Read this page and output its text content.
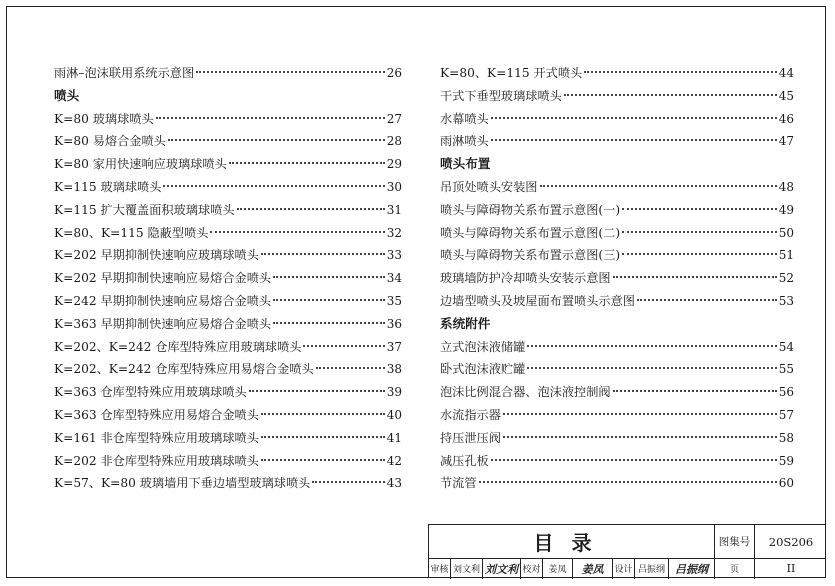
雨淋–泡沫联用系统示意图	26
喷头
K=80 玻璃球喷头	27
K=80 易熔合金喷头	28
K=80 家用快速响应玻璃球喷头	29
K=115 玻璃球喷头	30
K=115 扩大覆盖面积玻璃球喷头	31
K=80、K=115 隐蔽型喷头	32
K=202 早期抑制快速响应玻璃球喷头	33
K=202 早期抑制快速响应易熔合金喷头	34
K=242 早期抑制快速响应易熔合金喷头	35
K=363 早期抑制快速响应易熔合金喷头	36
K=202、K=242 仓库型特殊应用玻璃球喷头	37
K=202、K=242 仓库型特殊应用易熔合金喷头	38
K=363 仓库型特殊应用玻璃球喷头	39
K=363 仓库型特殊应用易熔合金喷头	40
K=161 非仓库型特殊应用玻璃球喷头	41
K=202 非仓库型特殊应用玻璃球喷头	42
K=57、K=80 玻璃墙用下垂边墙型玻璃球喷头	43
K=80、K=115 开式喷头	44
干式下垂型玻璃球喷头	45
水幕喷头	46
雨淋喷头	47
喷头布置
吊顶处喷头安装图	48
喷头与障碍物关系布置示意图(一)	49
喷头与障碍物关系布置示意图(二)	50
喷头与障碍物关系布置示意图(三)	51
玻璃墙防护冷却喷头安装示意图	52
边墙型喷头及坡屋面布置喷头示意图	53
系统附件
立式泡沫液储罐	54
卧式泡沫液贮罐	55
泡沫比例混合器、泡沫液控制阀	56
水流指示器	57
持压泄压阀	58
减压孔板	59
节流管	60
目录	图集号	20S206
审核 刘文利 刘文利 校对 姜凤	姜凤	设计 吕振纲 吕振纲	页	II
